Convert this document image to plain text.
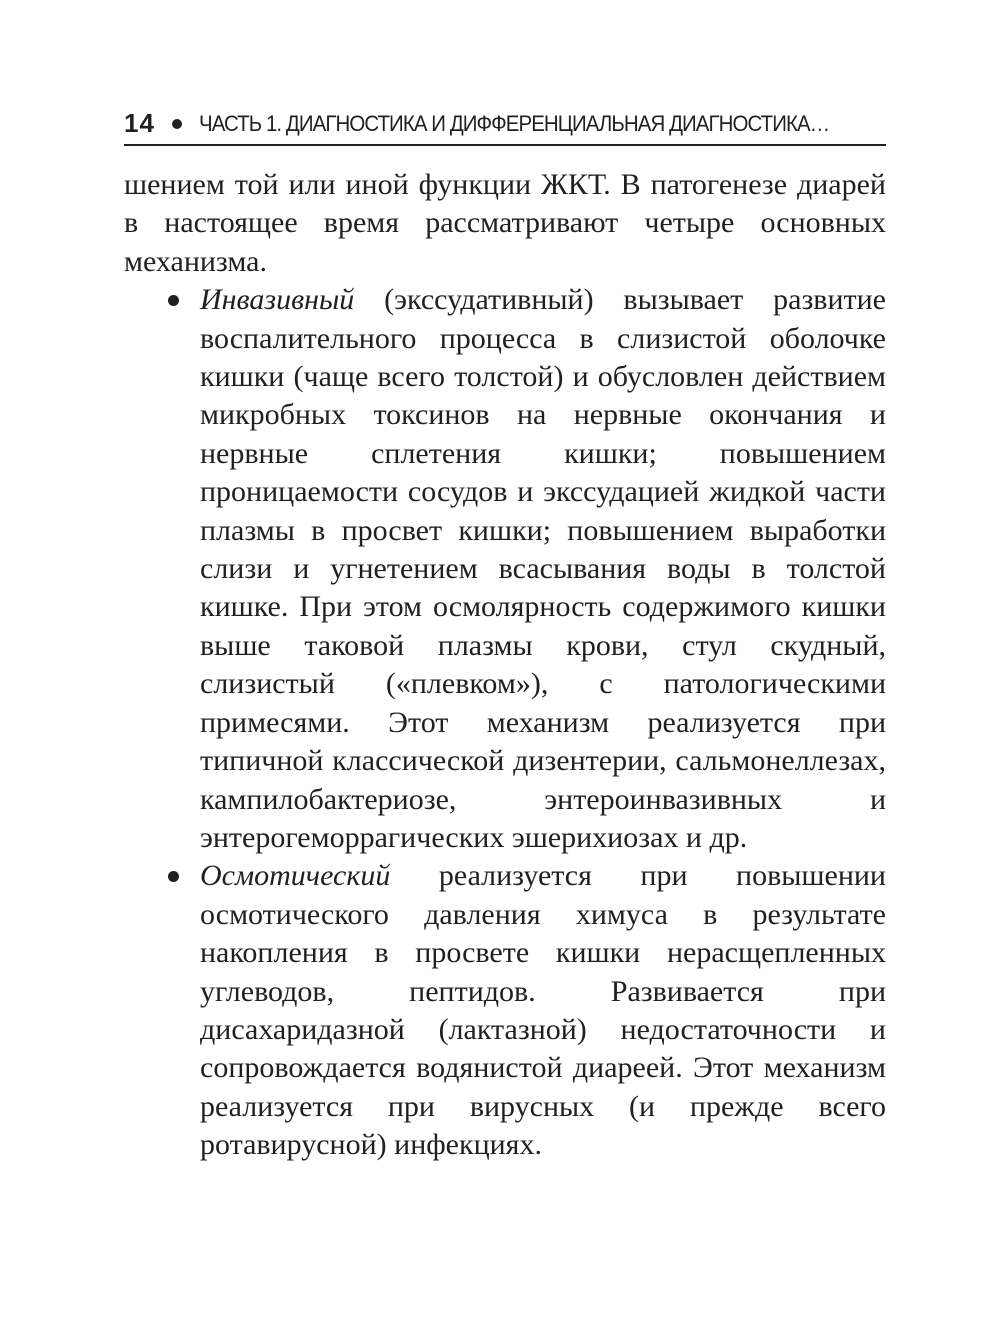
14 ЧАСТЬ 1. ДИАГНОСТИКА И ДИФФЕРЕНЦИАЛЬНАЯ ДИАГНОСТИКА…

шением той или иной функции ЖКТ. В патогенезе диарей в настоящее время рассматривают четыре основных механизма.

Инвазивный (экссудативный) вызывает развитие воспалительного процесса в слизистой оболочке кишки (чаще всего толстой) и обусловлен действием микробных токсинов на нервные окончания и нервные сплетения кишки; повышением проницаемости сосудов и экссудацией жидкой части плазмы в просвет кишки; повышением выработки слизи и угнетением всасывания воды в толстой кишке. При этом осмолярность содержимого кишки выше таковой плазмы крови, стул скудный, слизистый («плевком»), с патологическими примесями. Этот механизм реализуется при типичной классической дизентерии, сальмонеллезах, кампилобактериозе, энтероинвазивных и энтерогеморрагических эшерихиозах и др.
Осмотический реализуется при повышении осмотического давления химуса в результате накопления в просвете кишки нерасщепленных углеводов, пептидов. Развивается при дисахаридазной (лактазной) недостаточности и сопровождается водянистой диареей. Этот механизм реализуется при вирусных (и прежде всего ротавирусной) инфекциях.
